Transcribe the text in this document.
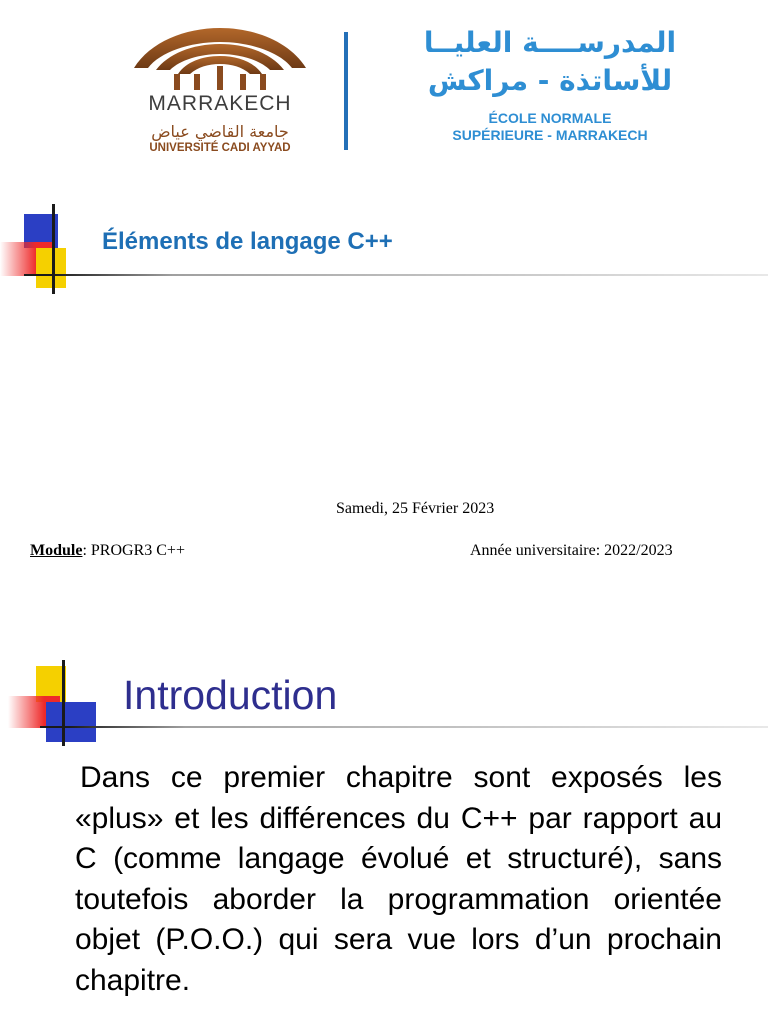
MARRAKECH
جامعة القاضي عياض
UNIVERSITÉ CADI AYYAD
المدرســــة العليــا
للأساتذة - مراكش
ÉCOLE NORMALE
SUPÉRIEURE - MARRAKECH
Éléments de langage C++
Samedi, 25 Février 2023
Module: PROGR3 C++	Année universitaire: 2022/2023
Introduction
Dans ce premier chapitre sont exposés les «plus» et les différences du C++ par rapport au C (comme langage évolué et structuré), sans toutefois aborder la programmation orientée objet (P.O.O.) qui sera vue lors d’un prochain chapitre.
